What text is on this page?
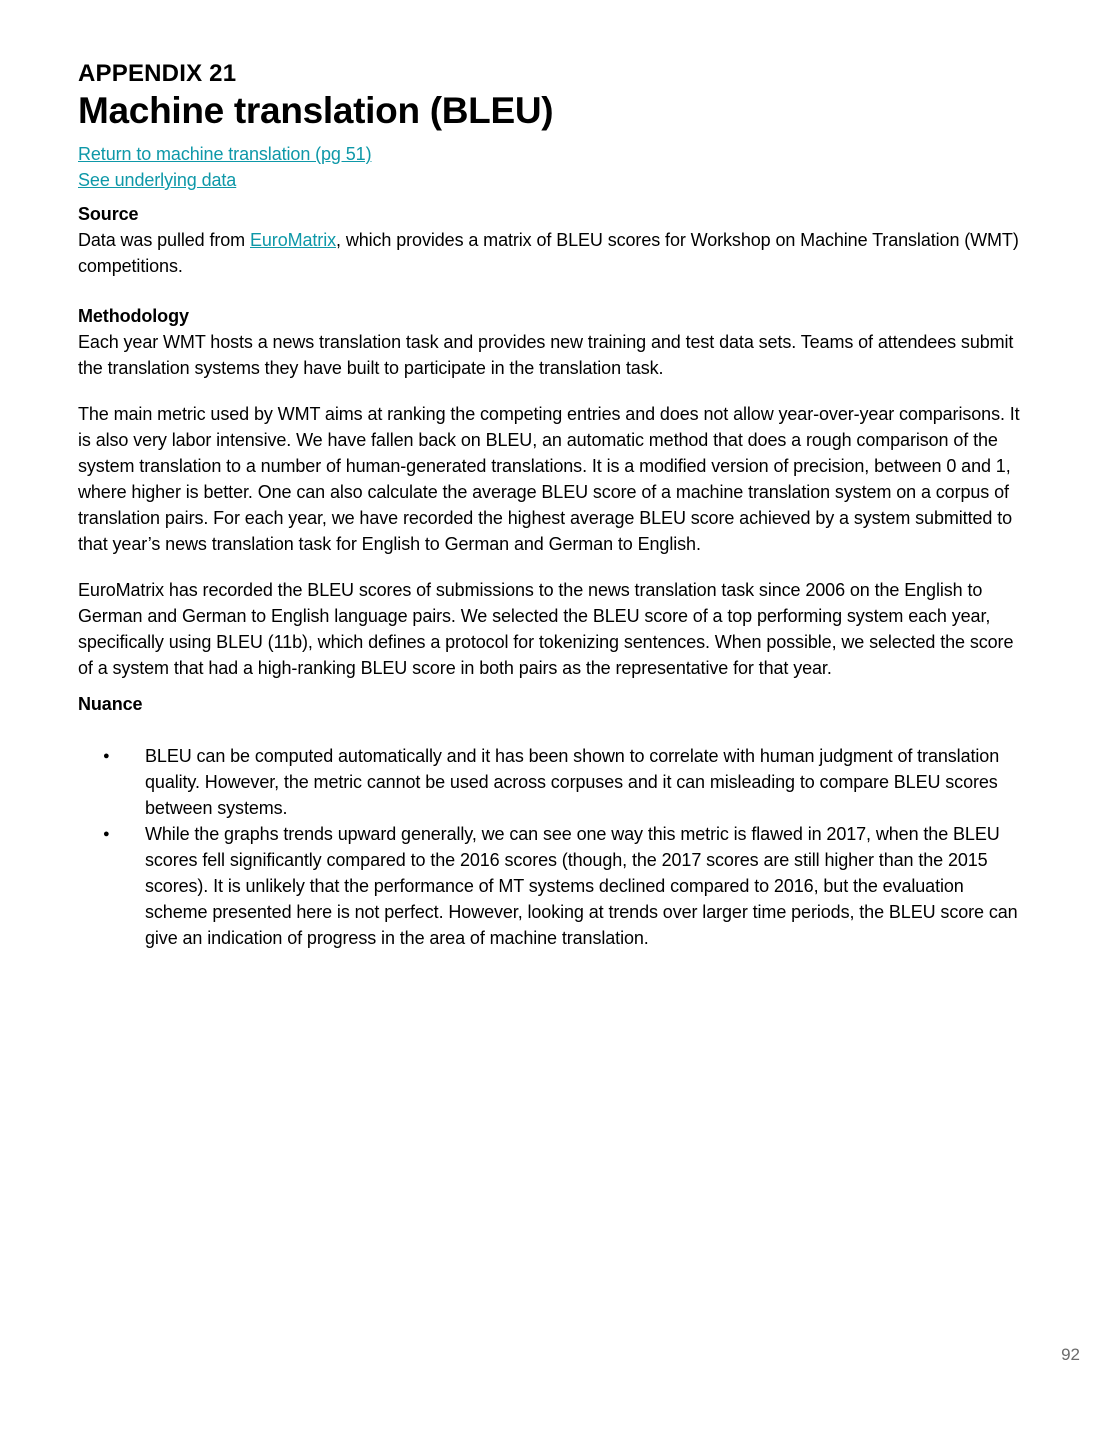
APPENDIX 21
Machine translation (BLEU)
Return to machine translation (pg 51)
See underlying data
Source

Data was pulled from EuroMatrix, which provides a matrix of BLEU scores for Workshop on Machine Translation (WMT) competitions.

Methodology

Each year WMT hosts a news translation task and provides new training and test data sets. Teams of attendees submit the translation systems they have built to participate in the translation task.

The main metric used by WMT aims at ranking the competing entries and does not allow year-over-year comparisons. It is also very labor intensive. We have fallen back on BLEU, an automatic method that does a rough comparison of the system translation to a number of human-generated translations. It is a modified version of precision, between 0 and 1, where higher is better. One can also calculate the average BLEU score of a machine translation system on a corpus of translation pairs. For each year, we have recorded the highest average BLEU score achieved by a system submitted to that year’s news translation task for English to German and German to English.

EuroMatrix has recorded the BLEU scores of submissions to the news translation task since 2006 on the English to German and German to English language pairs. We selected the BLEU score of a top performing system each year, specifically using BLEU (11b), which defines a protocol for tokenizing sentences. When possible, we selected the score of a system that had a high-ranking BLEU score in both pairs as the representative for that year.

Nuance
● BLEU can be computed automatically and it has been shown to correlate with human judgment of translation quality. However, the metric cannot be used across corpuses and it can misleading to compare BLEU scores between systems.
● While the graphs trends upward generally, we can see one way this metric is flawed in 2017, when the BLEU scores fell significantly compared to the 2016 scores (though, the 2017 scores are still higher than the 2015 scores). It is unlikely that the performance of MT systems declined compared to 2016, but the evaluation scheme presented here is not perfect. However, looking at trends over larger time periods, the BLEU score can give an indication of progress in the area of machine translation.
92
